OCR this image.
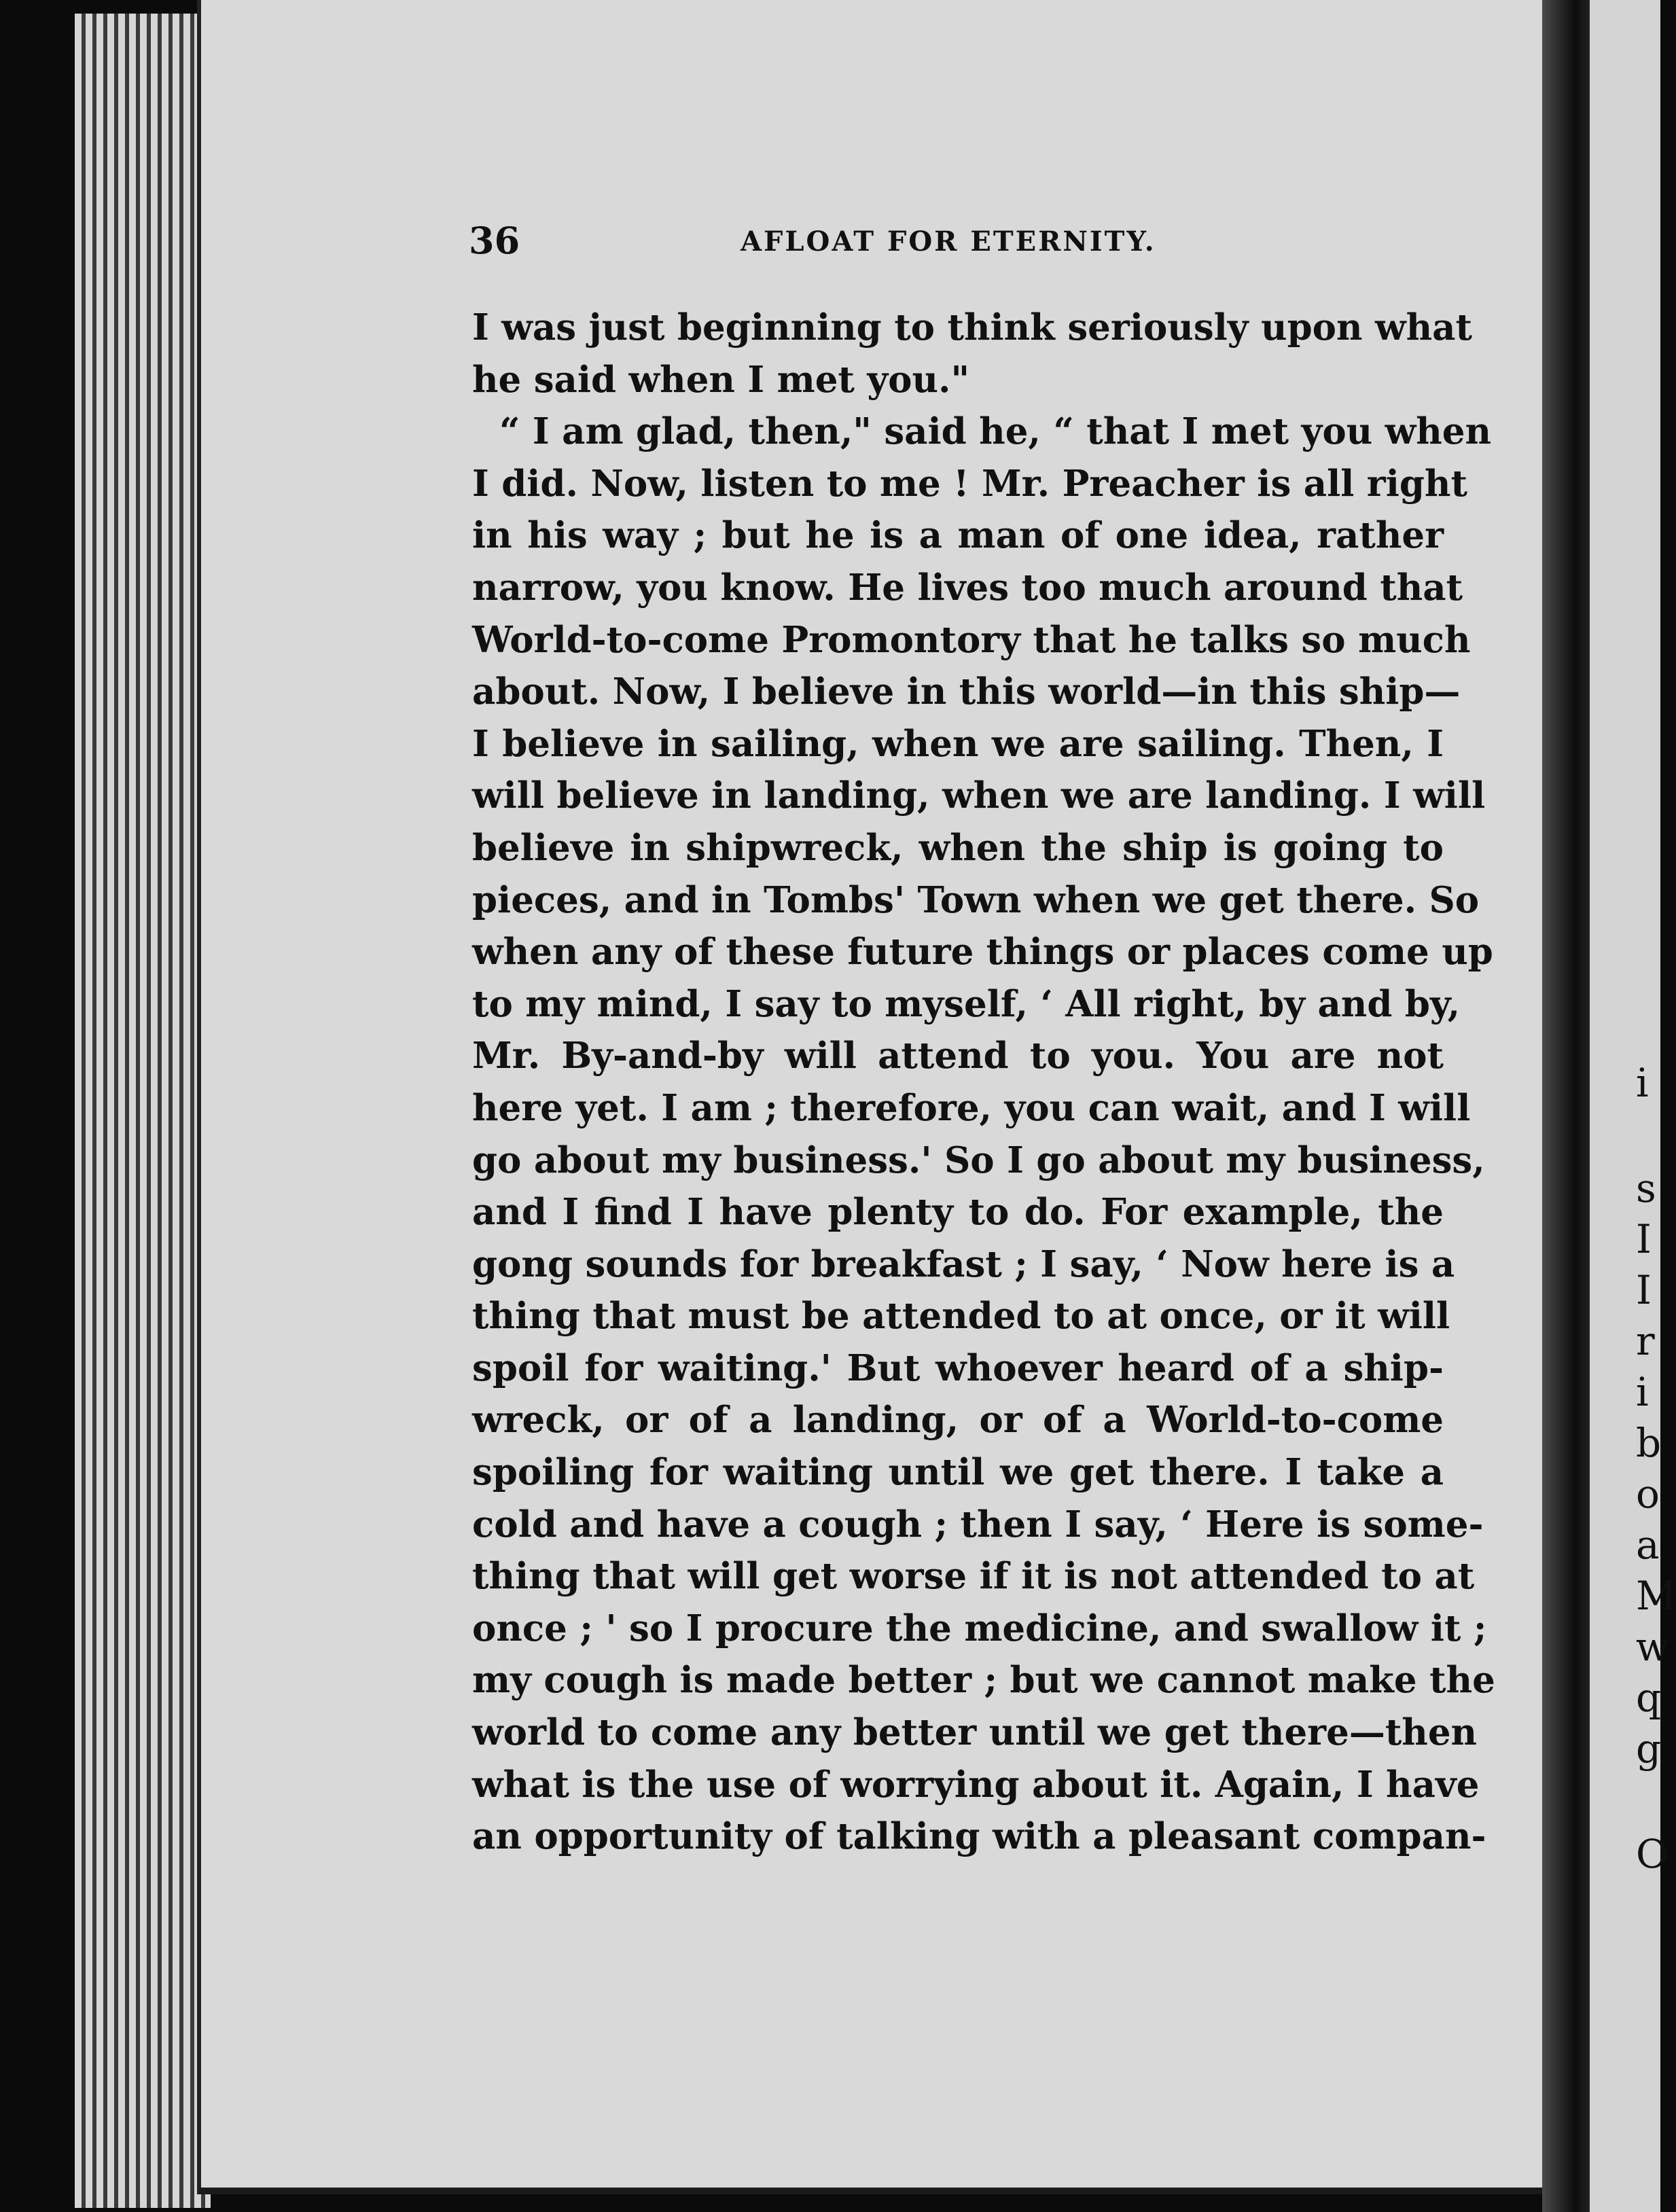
36	AFLOAT FOR ETERNITY.
I was just beginning to think seriously upon what
he said when I met you."
“ I am glad, then," said he, “ that I met you when
I did. Now, listen to me ! Mr. Preacher is all right
in his way ; but he is a man of one idea, rather
narrow, you know. He lives too much around that
World-to-come Promontory that he talks so much
about. Now, I believe in this world—in this ship—
I believe in sailing, when we are sailing. Then, I
will believe in landing, when we are landing. I will
believe in shipwreck, when the ship is going to
pieces, and in Tombs' Town when we get there. So
when any of these future things or places come up
to my mind, I say to myself, ‘ All right, by and by,
Mr. By-and-by will attend to you. You are not
here yet. I am ; therefore, you can wait, and I will
go about my business.' So I go about my business,
and I find I have plenty to do. For example, the
gong sounds for breakfast ; I say, ‘ Now here is a
thing that must be attended to at once, or it will
spoil for waiting.' But whoever heard of a ship-
wreck, or of a landing, or of a World-to-come
spoiling for waiting until we get there. I take a
cold and have a cough ; then I say, ‘ Here is some-
thing that will get worse if it is not attended to at
once ; ' so I procure the medicine, and swallow it ;
my cough is made better ; but we cannot make the
world to come any better until we get there—then
what is the use of worrying about it. Again, I have
an opportunity of talking with a pleasant compan-
i
s
I
I
r
i
b
o
a
M
w
q
g
O
